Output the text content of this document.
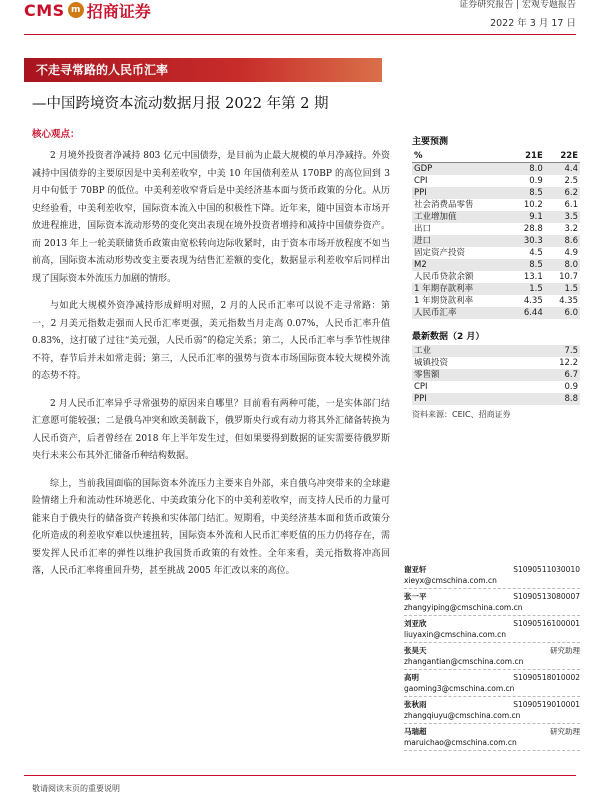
CMS m 招商证券	证券研究报告 | 宏观专题报告
2022 年 3 月 17 日
不走寻常路的人民币汇率
—中国跨境资本流动数据月报 2022 年第 2 期
核心观点：

2 月境外投资者净减持 803 亿元中国债券，是目前为止最大规模的单月净减持。外资减持中国债券的主要原因是中美利差收窄，中美 10 年国债利差从 170BP 的高位回到 3 月中旬低于 70BP 的低位。中美利差收窄背后是中美经济基本面与货币政策的分化。从历史经验看，中美利差收窄，国际资本流入中国的积极性下降。近年来，随中国资本市场开放进程推进，国际资本流动形势的变化突出表现在境外投资者增持和减持中国债券资产。而 2013 年上一轮美联储货币政策由宽松转向边际收紧时，由于资本市场开放程度不如当前高，国际资本流动形势改变主要表现为结售汇差额的变化，数据显示利差收窄后同样出现了国际资本外流压力加剧的情形。

与如此大规模外资净减持形成鲜明对照，2 月的人民币汇率可以说不走寻常路：第一，2 月美元指数走强而人民币汇率更强，美元指数当月走高 0.07%，人民币汇率升值 0.83%，这打破了过往“美元强，人民币弱”的稳定关系；第二，人民币汇率与季节性规律不符，春节后并未如常走弱；第三，人民币汇率的强势与资本市场国际资本较大规模外流的态势不符。

2 月人民币汇率异乎寻常强势的原因来自哪里？目前看有两种可能，一是实体部门结汇意愿可能较强；二是俄乌冲突和欧美制裁下，俄罗斯央行或有动力将其外汇储备转换为人民币资产，后者曾经在 2018 年上半年发生过，但如果要得到数据的证实需要待俄罗斯央行未来公布其外汇储备币种结构数据。

综上，当前我国面临的国际资本外流压力主要来自外部，来自俄乌冲突带来的全球避险情绪上升和流动性环境恶化、中美政策分化下的中美利差收窄，而支持人民币的力量可能来自于俄央行的储备资产转换和实体部门结汇。短期看，中美经济基本面和货币政策分化所造成的利差收窄难以快速扭转，国际资本外流和人民币汇率贬值的压力仍将存在，需要发挥人民币汇率的弹性以维护我国货币政策的有效性。全年来看，美元指数将冲高回落，人民币汇率将重回升势，甚至挑战 2005 年汇改以来的高位。

主要预测
%	21E	22E
GDP	8.0	4.4
CPI	0.9	2.5
PPI	8.5	6.2
社会消费品零售	10.2	6.1
工业增加值	9.1	3.5
出口	28.8	3.2
进口	30.3	8.6
固定资产投资	4.5	4.9
M2	8.5	8.0
人民币贷款余额	13.1	10.7
1 年期存款利率	1.5	1.5
1 年期贷款利率	4.35	4.35
人民币汇率	6.44	6.0
最新数据（2 月）
工业	7.5
城镇投资	12.2
零售额	6.7
CPI	0.9
PPI	8.8
资料来源：CEIC、招商证券
谢亚轩	S1090511030010
xieyx@cmschina.com.cn
张一平	S1090513080007
zhangyiping@cmschina.com.cn
刘亚欣	S1090516100001
liuyaxin@cmschina.com.cn
张昊天	研究助理
zhangantian@cmschina.com.cn
高明	S1090518010002
gaoming3@cmschina.com.cn
张秋雨	S1090519010001
zhangqiuyu@cmschina.com.cn
马瑞超	研究助理
maruichao@cmschina.com.cn
敬请阅读末页的重要说明
